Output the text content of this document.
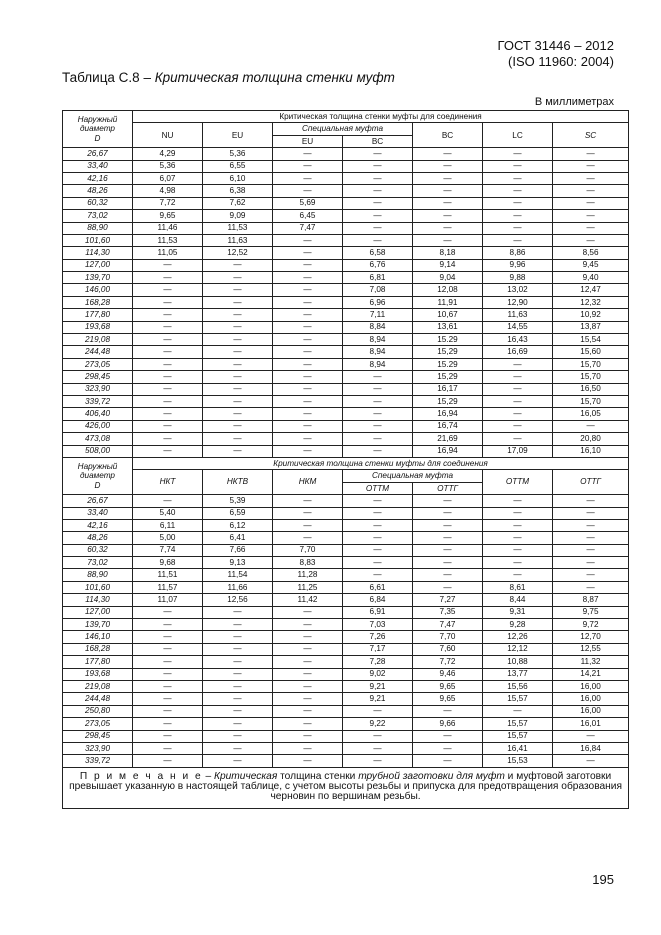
ГОСТ 31446 – 2012
(ISO 11960: 2004)
Таблица С.8 – Критическая толщина стенки муфт
В миллиметрах
Наружный
диаметр
D	Критическая толщина стенки муфты для соединения						
	NU	EU	Специальная муфта		BC	LC	SC
			EU	BC			
26,67	4,29	5,36	—	—	—	—	—
33,40	5,36	6,55	—	—	—	—	—
42,16	6,07	6,10	—	—	—	—	—
48,26	4,98	6,38	—	—	—	—	—
60,32	7,72	7,62	5,69	—	—	—	—
73,02	9,65	9,09	6,45	—	—	—	—
88,90	11,46	11,53	7,47	—	—	—	—
101,60	11,53	11,63	—	—	—	—	—
114,30	11,05	12,52	—	6,58	8,18	8,86	8,56
127,00	—	—	—	6,76	9,14	9,96	9,45
139,70	—	—	—	6,81	9,04	9,88	9,40
146,00	—	—	—	7,08	12,08	13,02	12,47
168,28	—	—	—	6,96	11,91	12,90	12,32
177,80	—	—	—	7,11	10,67	11,63	10,92
193,68	—	—	—	8,84	13,61	14,55	13,87
219,08	—	—	—	8,94	15.29	16,43	15,54
244,48	—	—	—	8,94	15,29	16,69	15,60
273,05	—	—	—	8,94	15.29	—	15,70
298,45	—	—	—	—	15,29	—	15,70
323,90	—	—	—	—	16,17	—	16,50
339,72	—	—	—	—	15,29	—	15,70
406,40	—	—	—	—	16,94	—	16,05
426,00	—	—	—	—	16,74	—	—
473,08	—	—	—	—	21,69	—	20,80
508,00	—	—	—	—	16,94	17,09	16,10
Наружный
диаметр
D	Критическая толщина стенки муфты для соединения						
	НКТ	НКТВ	НКМ	Специальная муфта		ОТТМ	ОТТГ
				ОТТМ	ОТТГ		
26,67	—	5,39	—	—	—	—	—
33,40	5,40	6,59	—	—	—	—	—
42,16	6,11	6,12	—	—	—	—	—
48,26	5,00	6,41	—	—	—	—	—
60,32	7,74	7,66	7,70	—	—	—	—
73,02	9,68	9,13	8,83	—	—	—	—
88,90	11,51	11,54	11,28	—	—	—	—
101,60	11,57	11,66	11,25	6,61	—	8,61	—
114,30	11,07	12,56	11,42	6,84	7,27	8,44	8,87
127,00	—	—	—	6,91	7,35	9,31	9,75
139,70	—	—	—	7,03	7,47	9,28	9,72
146,10	—	—	—	7,26	7,70	12,26	12,70
168,28	—	—	—	7,17	7,60	12,12	12,55
177,80	—	—	—	7,28	7,72	10,88	11,32
193,68	—	—	—	9,02	9,46	13,77	14,21
219,08	—	—	—	9,21	9,65	15,56	16,00
244,48	—	—	—	9,21	9,65	15,57	16,00
250,80	—	—	—	—	—	—	16,00
273,05	—	—	—	9,22	9,66	15,57	16,01
298,45	—	—	—	—	—	15,57	—
323,90	—	—	—	—	—	16,41	16,84
339,72	—	—	—	—	—	15,53	—
П р и м е ч а н и е – Критическая толщина стенки трубной заготовки для муфт и муфтовой заготовки превышает указанную в настоящей таблице, с учетом высоты резьбы и припуска для предотвращения образования черновин по вершинам резьбы.							
195
